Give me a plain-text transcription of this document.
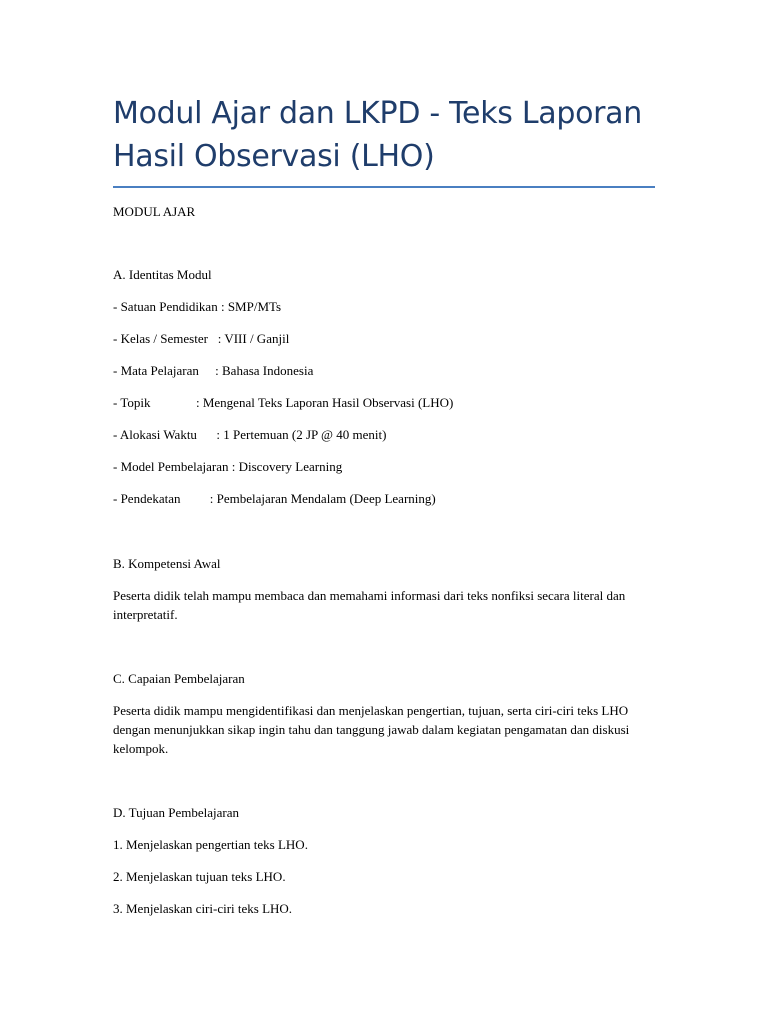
Modul Ajar dan LKPD - Teks Laporan Hasil Observasi (LHO)

MODUL AJAR

A. Identitas Modul

- Satuan Pendidikan : SMP/MTs

- Kelas / Semester   : VIII / Ganjil

- Mata Pelajaran     : Bahasa Indonesia

- Topik              : Mengenal Teks Laporan Hasil Observasi (LHO)

- Alokasi Waktu      : 1 Pertemuan (2 JP @ 40 menit)

- Model Pembelajaran : Discovery Learning

- Pendekatan         : Pembelajaran Mendalam (Deep Learning)

B. Kompetensi Awal

Peserta didik telah mampu membaca dan memahami informasi dari teks nonfiksi secara literal dan interpretatif.

C. Capaian Pembelajaran

Peserta didik mampu mengidentifikasi dan menjelaskan pengertian, tujuan, serta ciri-ciri teks LHO dengan menunjukkan sikap ingin tahu dan tanggung jawab dalam kegiatan pengamatan dan diskusi kelompok.

D. Tujuan Pembelajaran

1. Menjelaskan pengertian teks LHO.

2. Menjelaskan tujuan teks LHO.

3. Menjelaskan ciri-ciri teks LHO.
